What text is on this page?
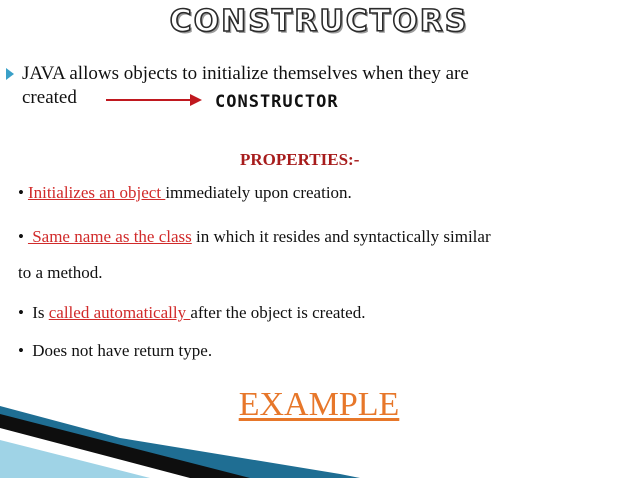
CONSTRUCTORS
JAVA allows objects to initialize themselves when they are
created	CONSTRUCTOR
PROPERTIES:-
• Initializes an object immediately upon creation.
• Same name as the class in which it resides and syntactically similar
to a method.
• Is called automatically after the object is created.
• Does not have return type.
EXAMPLE
